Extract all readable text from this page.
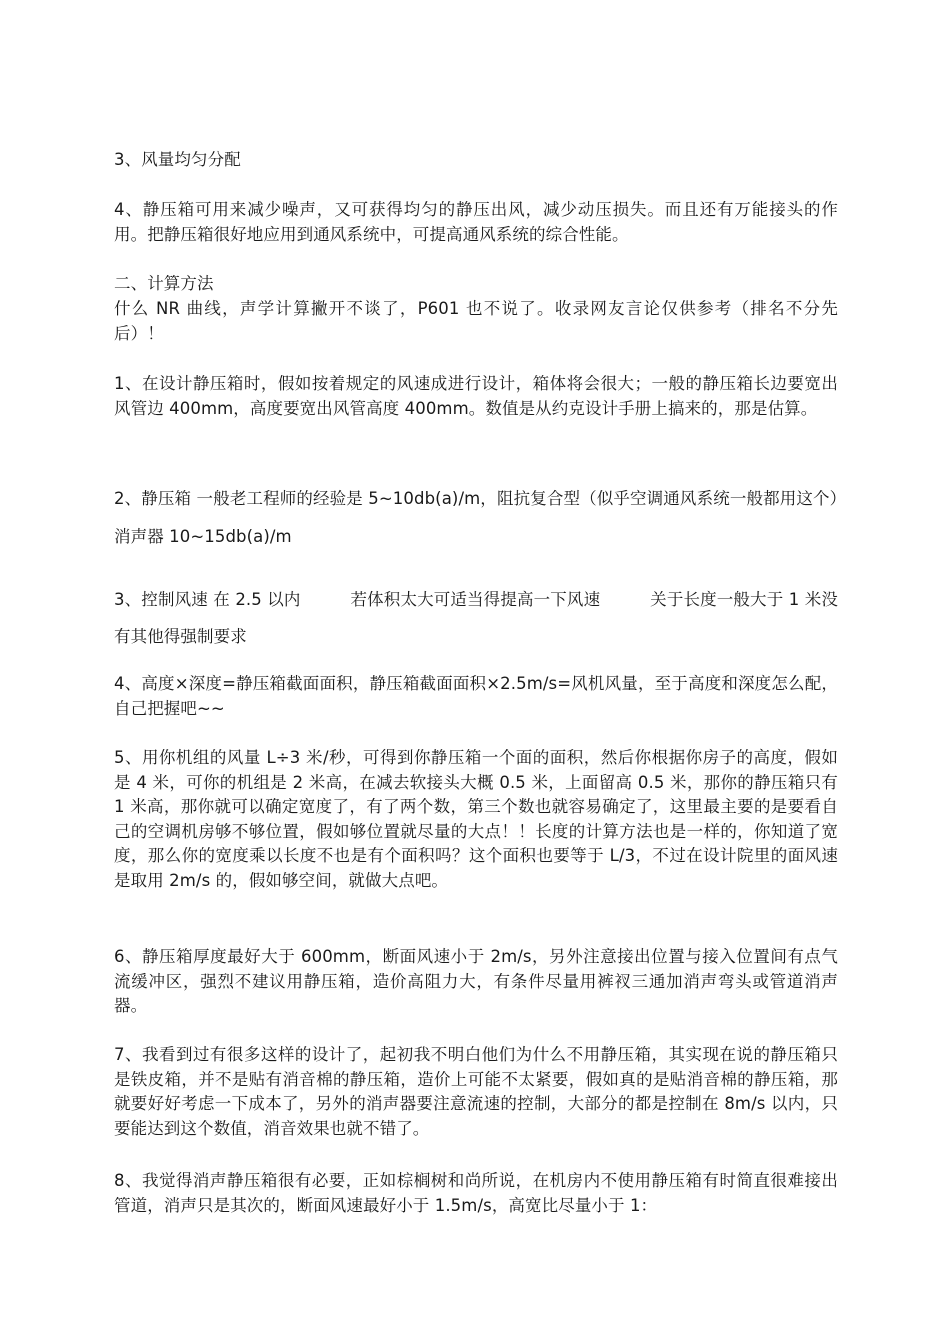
3、风量均匀分配

4、静压箱可用来减少噪声，又可获得均匀的静压出风，减少动压损失。而且还有万能接头的作用。把静压箱很好地应用到通风系统中，可提高通风系统的综合性能。

二、计算方法

什么 NR 曲线，声学计算撇开不谈了，P601 也不说了。收录网友言论仅供参考（排名不分先后）！

1、在设计静压箱时，假如按着规定的风速成进行设计，箱体将会很大；一般的静压箱长边要宽出风管边 400mm，高度要宽出风管高度 400mm。数值是从约克设计手册上搞来的，那是估算。

2、静压箱 一般老工程师的经验是 5~10db(a)/m，阻抗复合型（似乎空调通风系统一般都用这个）消声器 10~15db(a)/m

3、控制风速 在 2.5 以内　　　若体积太大可适当得提高一下风速　　　关于长度一般大于 1 米没有其他得强制要求

4、高度×深度=静压箱截面面积，静压箱截面面积×2.5m/s=风机风量，至于高度和深度怎么配，自己把握吧~~

5、用你机组的风量 L÷3 米/秒，可得到你静压箱一个面的面积，然后你根据你房子的高度，假如是 4 米，可你的机组是 2 米高，在减去软接头大概 0.5 米，上面留高 0.5 米，那你的静压箱只有 1 米高，那你就可以确定宽度了，有了两个数，第三个数也就容易确定了，这里最主要的是要看自己的空调机房够不够位置，假如够位置就尽量的大点！！长度的计算方法也是一样的，你知道了宽度，那么你的宽度乘以长度不也是有个面积吗？这个面积也要等于 L/3，不过在设计院里的面风速是取用 2m/s 的，假如够空间，就做大点吧。

6、静压箱厚度最好大于 600mm，断面风速小于 2m/s，另外注意接出位置与接入位置间有点气流缓冲区，强烈不建议用静压箱，造价高阻力大，有条件尽量用裤衩三通加消声弯头或管道消声器。

7、我看到过有很多这样的设计了，起初我不明白他们为什么不用静压箱，其实现在说的静压箱只是铁皮箱，并不是贴有消音棉的静压箱，造价上可能不太紧要，假如真的是贴消音棉的静压箱，那就要好好考虑一下成本了，另外的消声器要注意流速的控制，大部分的都是控制在 8m/s 以内，只要能达到这个数值，消音效果也就不错了。

8、我觉得消声静压箱很有必要，正如棕榈树和尚所说，在机房内不使用静压箱有时简直很难接出管道，消声只是其次的，断面风速最好小于 1.5m/s，高宽比尽量小于 1：
